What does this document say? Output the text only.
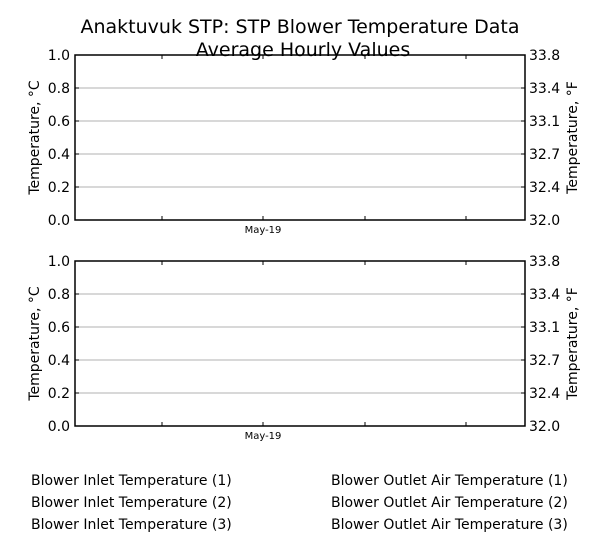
Anaktuvuk STP: STP Blower Temperature Data
Average Hourly Values
0.0	32.0
0.2	32.4
0.4	32.7
0.6	33.1
0.8	33.4
1.0	33.8
May-19
Temperature, °C	Temperature, °F
0.0	32.0
0.2	32.4
0.4	32.7
0.6	33.1
0.8	33.4
1.0	33.8
May-19
Temperature, °C	Temperature, °F
Blower Inlet Temperature (1)
Blower Inlet Temperature (2)
Blower Inlet Temperature (3)
Blower Outlet Air Temperature (1)
Blower Outlet Air Temperature (2)
Blower Outlet Air Temperature (3)
